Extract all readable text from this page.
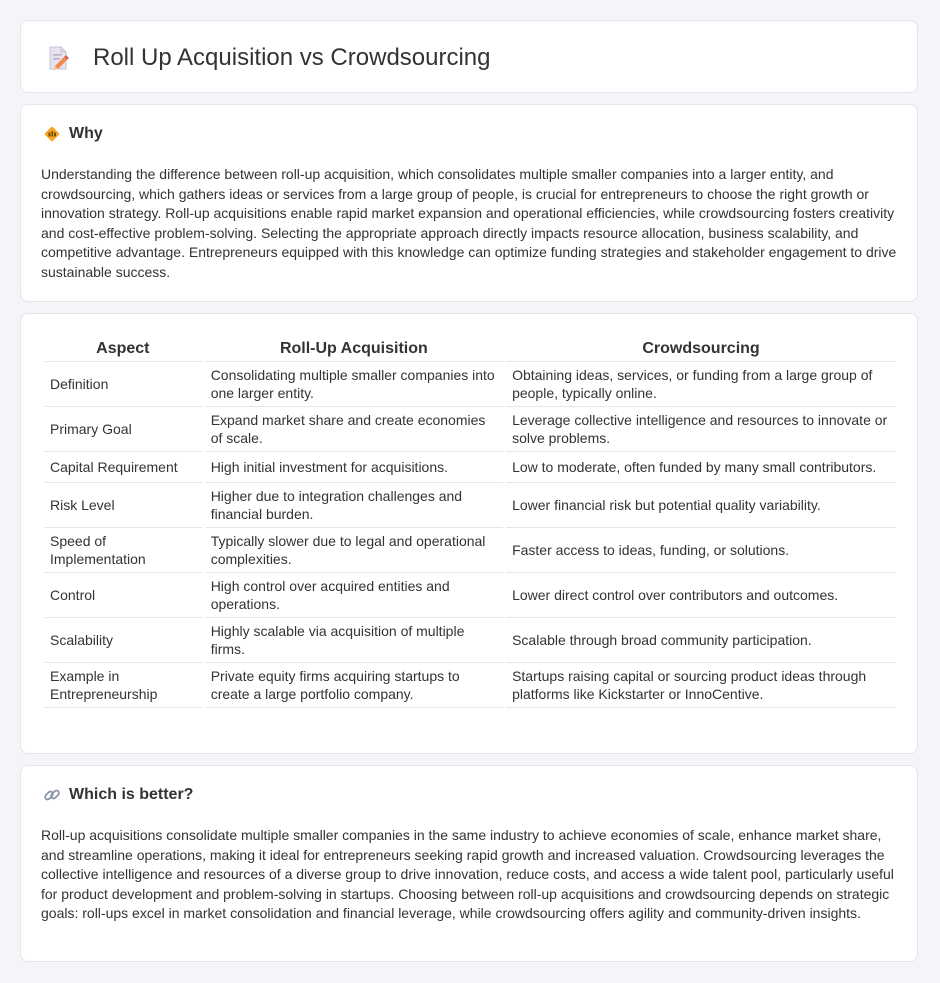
Roll Up Acquisition vs Crowdsourcing
Why

Understanding the difference between roll-up acquisition, which consolidates multiple smaller companies into a larger entity, and crowdsourcing, which gathers ideas or services from a large group of people, is crucial for entrepreneurs to choose the right growth or innovation strategy. Roll-up acquisitions enable rapid market expansion and operational efficiencies, while crowdsourcing fosters creativity and cost-effective problem-solving. Selecting the appropriate approach directly impacts resource allocation, business scalability, and competitive advantage. Entrepreneurs equipped with this knowledge can optimize funding strategies and stakeholder engagement to drive sustainable success.

Aspect	Roll-Up Acquisition	Crowdsourcing
Definition	Consolidating multiple smaller companies into one larger entity.	Obtaining ideas, services, or funding from a large group of people, typically online.
Primary Goal	Expand market share and create economies of scale.	Leverage collective intelligence and resources to innovate or solve problems.
Capital Requirement	High initial investment for acquisitions.	Low to moderate, often funded by many small contributors.
Risk Level	Higher due to integration challenges and financial burden.	Lower financial risk but potential quality variability.
Speed of Implementation	Typically slower due to legal and operational complexities.	Faster access to ideas, funding, or solutions.
Control	High control over acquired entities and operations.	Lower direct control over contributors and outcomes.
Scalability	Highly scalable via acquisition of multiple firms.	Scalable through broad community participation.
Example in Entrepreneurship	Private equity firms acquiring startups to create a large portfolio company.	Startups raising capital or sourcing product ideas through platforms like Kickstarter or InnoCentive.
Which is better?

Roll-up acquisitions consolidate multiple smaller companies in the same industry to achieve economies of scale, enhance market share, and streamline operations, making it ideal for entrepreneurs seeking rapid growth and increased valuation. Crowdsourcing leverages the collective intelligence and resources of a diverse group to drive innovation, reduce costs, and access a wide talent pool, particularly useful for product development and problem-solving in startups. Choosing between roll-up acquisitions and crowdsourcing depends on strategic goals: roll-ups excel in market consolidation and financial leverage, while crowdsourcing offers agility and community-driven insights.
